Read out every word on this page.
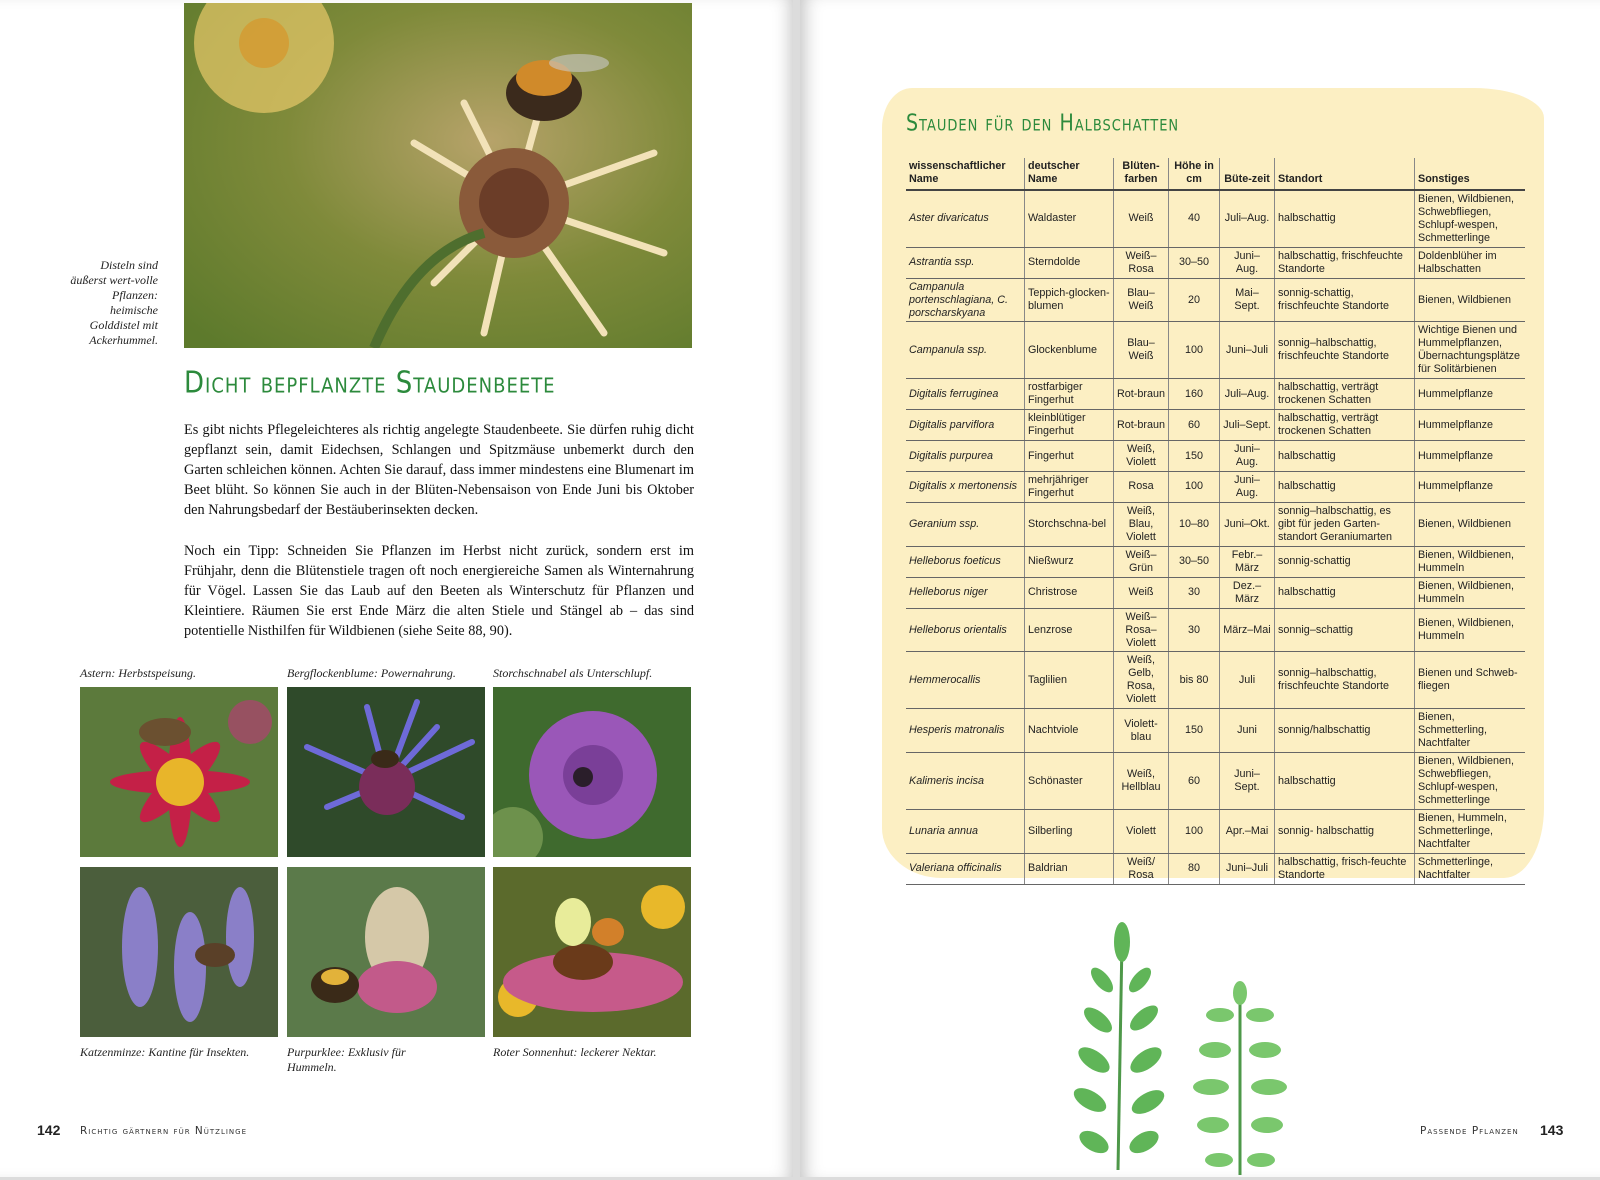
Disteln sind äußerst wert-volle Pflanzen: heimische Golddistel mit Ackerhummel.
Dicht bepflanzte Staudenbeete

Es gibt nichts Pflegeleichteres als richtig angelegte Staudenbeete. Sie dürfen ruhig dicht gepflanzt sein, damit Eidechsen, Schlangen und Spitzmäuse unbemerkt durch den Garten schleichen können. Achten Sie darauf, dass immer mindestens eine Blumenart im Beet blüht. So können Sie auch in der Blüten-Nebensaison von Ende Juni bis Oktober den Nahrungsbedarf der Bestäuberinsekten decken.

Noch ein Tipp: Schneiden Sie Pflanzen im Herbst nicht zurück, sondern erst im Frühjahr, denn die Blütenstiele tragen oft noch energiereiche Samen als Winternahrung für Vögel. Lassen Sie das Laub auf den Beeten als Winterschutz für Pflanzen und Kleintiere. Räumen Sie erst Ende März die alten Stiele und Stängel ab – das sind potentielle Nisthilfen für Wildbienen (siehe Seite 88, 90).

Astern: Herbstspeisung.	Bergflockenblume: Powernahrung.	Storchschnabel als Unterschlupf.
Katzenminze: Kantine für Insekten.	Purpurklee: Exklusiv für Hummeln.
Roter Sonnenhut: leckerer Nektar.
142 Richtig gärtnern für Nützlinge
Stauden für den Halbschatten
wissenschaftlicher Name	deutscher Name	Blüten-farben	Höhe in cm	Büte-zeit	Standort	Sonstiges
Aster divaricatus	Waldaster	Weiß	40	Juli–Aug.	halbschattig	Bienen, Wildbienen, Schwebfliegen, Schlupf-wespen, Schmetterlinge
Astrantia ssp.	Sterndolde	Weiß–Rosa	30–50	Juni–Aug.	halbschattig, frischfeuchte Standorte	Doldenblüher im Halbschatten
Campanula portenschlagiana, C. porscharskyana	Teppich-glocken-blumen	Blau–Weiß	20	Mai–Sept.	sonnig-schattig, frischfeuchte Standorte	Bienen, Wildbienen
Campanula ssp.	Glockenblume	Blau–Weiß	100	Juni–Juli	sonnig–halbschattig, frischfeuchte Standorte	Wichtige Bienen und Hummelpflanzen, Übernachtungsplätze für Solitärbienen
Digitalis ferruginea	rostfarbiger Fingerhut	Rot-braun	160	Juli–Aug.	halbschattig, verträgt trockenen Schatten	Hummelpflanze
Digitalis parviflora	kleinblütiger Fingerhut	Rot-braun	60	Juli–Sept.	halbschattig, verträgt trockenen Schatten	Hummelpflanze
Digitalis purpurea	Fingerhut	Weiß, Violett	150	Juni–Aug.	halbschattig	Hummelpflanze
Digitalis x mertonensis	mehrjähriger Fingerhut	Rosa	100	Juni–Aug.	halbschattig	Hummelpflanze
Geranium ssp.	Storchschna-bel	Weiß, Blau, Violett	10–80	Juni–Okt.	sonnig–halbschattig, es gibt für jeden Garten-standort Geraniumarten	Bienen, Wildbienen
Helleborus foeticus	Nießwurz	Weiß–Grün	30–50	Febr.–März	sonnig-schattig	Bienen, Wildbienen, Hummeln
Helleborus niger	Christrose	Weiß	30	Dez.–März	halbschattig	Bienen, Wildbienen, Hummeln
Helleborus orientalis	Lenzrose	Weiß–Rosa–Violett	30	März–Mai	sonnig–schattig	Bienen, Wildbienen, Hummeln
Hemmerocallis	Taglilien	Weiß, Gelb, Rosa, Violett	bis 80	Juli	sonnig–halbschattig, frischfeuchte Standorte	Bienen und Schweb-fliegen
Hesperis matronalis	Nachtviole	Violett-blau	150	Juni	sonnig/halbschattig	Bienen, Schmetterling, Nachtfalter
Kalimeris incisa	Schönaster	Weiß, Hellblau	60	Juni–Sept.	halbschattig	Bienen, Wildbienen, Schwebfliegen, Schlupf-wespen, Schmetterlinge
Lunaria annua	Silberling	Violett	100	Apr.–Mai	sonnig- halbschattig	Bienen, Hummeln, Schmetterlinge, Nachtfalter
Valeriana officinalis	Baldrian	Weiß/ Rosa	80	Juni–Juli	halbschattig, frisch-feuchte Standorte	Schmetterlinge, Nachtfalter
Passende Pflanzen 143
